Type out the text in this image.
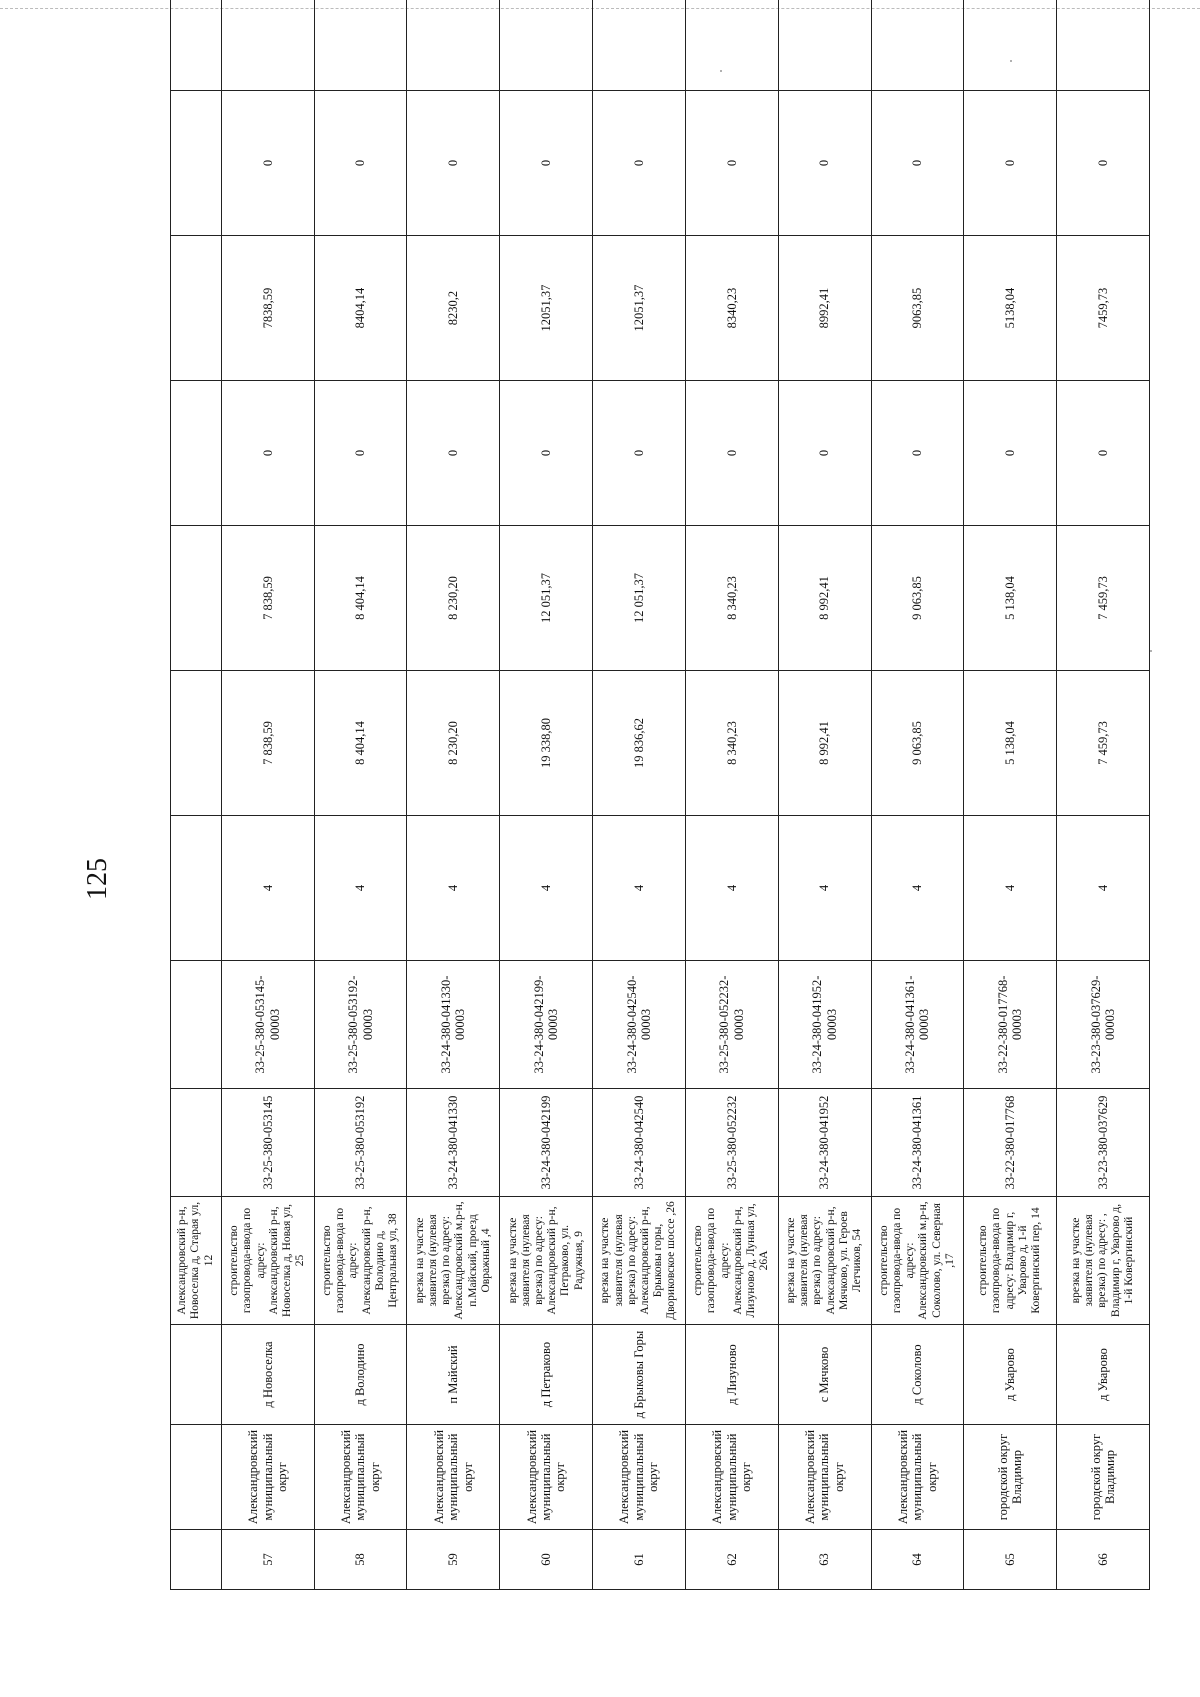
125
			Александровский р-н, Новоселка д, Старая ул, 12									
57	Александровский муниципальный округ	д Новоселка	строительство газопровода-ввода по адресу: Александровский р-н, Новоселка д, Новая ул, 25	33-25-380-053145	33-25-380-053145-00003	4	7 838,59	7 838,59	0	7838,59	0	
58	Александровский муниципальный округ	д Володино	строительство газопровода-ввода по адресу: Александровский р-н, Володино д, Центральная ул, 38	33-25-380-053192	33-25-380-053192-00003	4	8 404,14	8 404,14	0	8404,14	0	
59	Александровский муниципальный округ	п Майский	врезка на участке заявителя (нулевая врезка) по адресу: Александровский м.р-н, п.Майский, проезд Овражный ,4	33-24-380-041330	33-24-380-041330-00003	4	8 230,20	8 230,20	0	8230,2	0	
60	Александровский муниципальный округ	д Петраково	врезка на участке заявителя (нулевая врезка) по адресу: Александровский р-н, Петраково, ул. Радужная, 9	33-24-380-042199	33-24-380-042199-00003	4	19 338,80	12 051,37	0	12051,37	0	
61	Александровский муниципальный округ	д Брыковы Горы	врезка на участке заявителя (нулевая врезка) по адресу: Александровский р-н, Брыковы горы, Двориковское шоссе ,26	33-24-380-042540	33-24-380-042540-00003	4	19 836,62	12 051,37	0	12051,37	0	
62	Александровский муниципальный округ	д Лизуново	строительство газопровода-ввода по адресу: Александровский р-н, Лизуново д, Лунная ул, 26А	33-25-380-052232	33-25-380-052232-00003	4	8 340,23	8 340,23	0	8340,23	0	
63	Александровский муниципальный округ	с Мячково	врезка на участке заявителя (нулевая врезка) по адресу: Александровский р-н, Мячково, ул. Героев Летчиков, 54	33-24-380-041952	33-24-380-041952-00003	4	8 992,41	8 992,41	0	8992,41	0	
64	Александровский муниципальный округ	д Соколово	строительство газопровода-ввода по адресу: Александровский м.р-н, Соколово, ул. Северная ,17	33-24-380-041361	33-24-380-041361-00003	4	9 063,85	9 063,85	0	9063,85	0	
65	городской округ Владимир	д Уварово	строительство газопровода-ввода по адресу: Владимир г, Уварово д, 1-й Ковергинский пер, 14	33-22-380-017768	33-22-380-017768-00003	4	5 138,04	5 138,04	0	5138,04	0	
66	городской округ Владимир	д Уварово	врезка на участке заявителя (нулевая врезка) по адресу: , Владимир г, Уварово д, 1-й Ковергинский	33-23-380-037629	33-23-380-037629-00003	4	7 459,73	7 459,73	0	7459,73	0	
